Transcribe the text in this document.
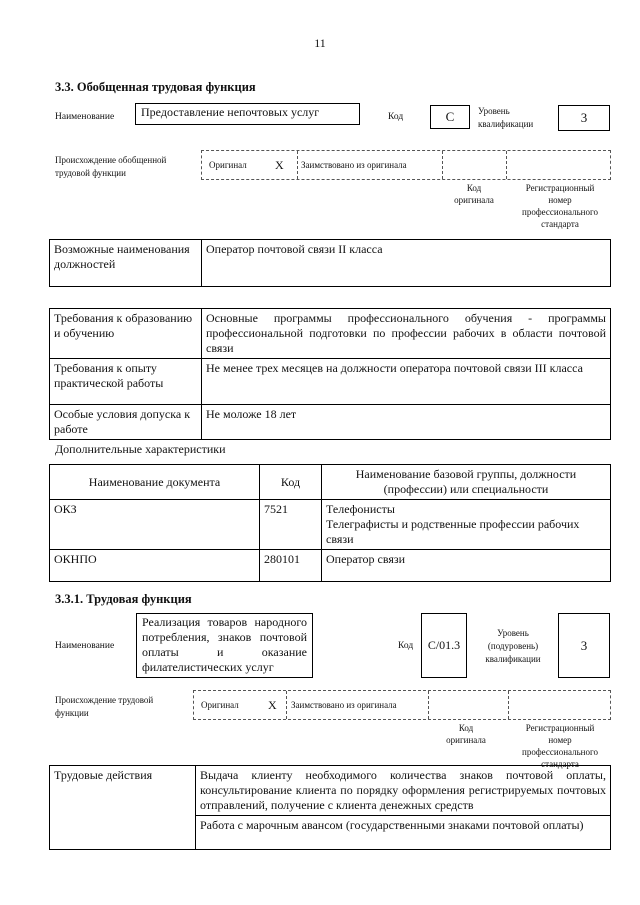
11
3.3. Обобщенная трудовая функция
Наименование	Предоставление непочтовых услуг	Код	C	Уровень
квалификации	3
Происхождение обобщенной
трудовой функции
Оригинал X Заимствовано из оригинала
Код
оригинала
Регистрационный
номер
профессионального
стандарта
Возможные наименования должностей	Оператор почтовой связи II класса
Требования к образованию и обучению	Основные программы профессионального обучения - программы профессиональной подготовки по профессии рабочих в области почтовой связи
Требования к опыту практической работы	Не менее трех месяцев на должности оператора почтовой связи III класса
Особые условия допуска к работе	Не моложе 18 лет
Дополнительные характеристики
Наименование документа	Код	Наименование базовой группы, должности (профессии) или специальности
ОКЗ	7521	Телефонисты
Телеграфисты и родственные профессии рабочих связи

ОКНПО	280101	Оператор связи
3.3.1. Трудовая функция
Наименование
Реализация товаров народного потребления, знаков почтовой оплаты и оказание филателистических услуг
Код	C/01.3
Уровень
(подуровень)
квалификации
3
Происхождение трудовой
функции
Оригинал X Заимствовано из оригинала
Код
оригинала
Регистрационный
номер
профессионального
стандарта
Трудовые действия	Выдача клиенту необходимого количества знаков почтовой оплаты, консультирование клиента по порядку оформления регистрируемых почтовых отправлений, получение с клиента денежных средств
Работа с марочным авансом (государственными знаками почтовой оплаты)
